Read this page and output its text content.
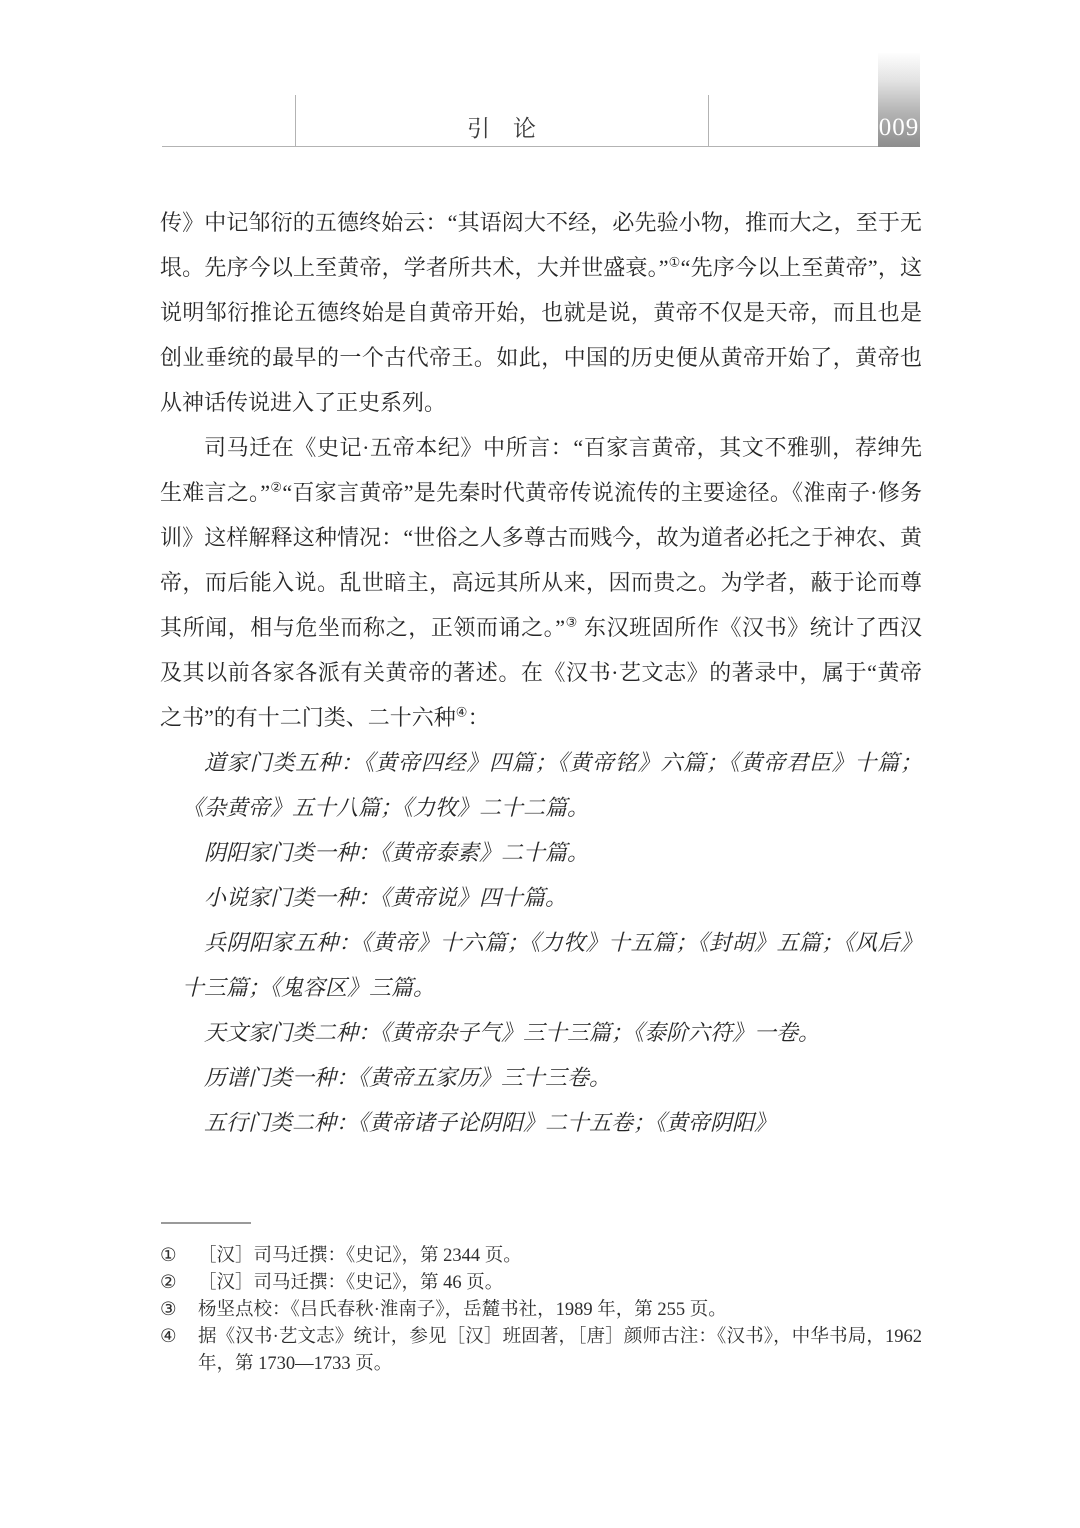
009
引　论

传》中记邹衍的五德终始云：“其语闳大不经，必先验小物，推而大之，至于无垠。先序今以上至黄帝，学者所共术，大并世盛衰。”①“先序今以上至黄帝”，这说明邹衍推论五德终始是自黄帝开始，也就是说，黄帝不仅是天帝，而且也是创业垂统的最早的一个古代帝王。如此，中国的历史便从黄帝开始了，黄帝也从神话传说进入了正史系列。

司马迁在《史记·五帝本纪》中所言：“百家言黄帝，其文不雅驯，荐绅先生难言之。”②“百家言黄帝”是先秦时代黄帝传说流传的主要途径。《淮南子·修务训》这样解释这种情况：“世俗之人多尊古而贱今，故为道者必托之于神农、黄帝，而后能入说。乱世暗主，高远其所从来，因而贵之。为学者，蔽于论而尊其所闻，相与危坐而称之，正领而诵之。”③ 东汉班固所作《汉书》统计了西汉及其以前各家各派有关黄帝的著述。在《汉书·艺文志》的著录中，属于“黄帝之书”的有十二门类、二十六种④：

道家门类五种：《黄帝四经》四篇；《黄帝铭》六篇；《黄帝君臣》十篇；《杂黄帝》五十八篇；《力牧》二十二篇。

阴阳家门类一种：《黄帝泰素》二十篇。

小说家门类一种：《黄帝说》四十篇。

兵阴阳家五种：《黄帝》十六篇；《力牧》十五篇；《封胡》五篇；《风后》十三篇；《鬼容区》三篇。

天文家门类二种：《黄帝杂子气》三十三篇；《泰阶六符》一卷。

历谱门类一种：《黄帝五家历》三十三卷。

五行门类二种：《黄帝诸子论阴阳》二十五卷；《黄帝阴阳》

①	［汉］司马迁撰：《史记》，第 2344 页。
②	［汉］司马迁撰：《史记》，第 46 页。
③	杨坚点校：《吕氏春秋·淮南子》，岳麓书社，1989 年，第 255 页。
④	据《汉书·艺文志》统计，参见［汉］班固著，［唐］颜师古注：《汉书》，中华书局，1962 年，第 1730—1733 页。
